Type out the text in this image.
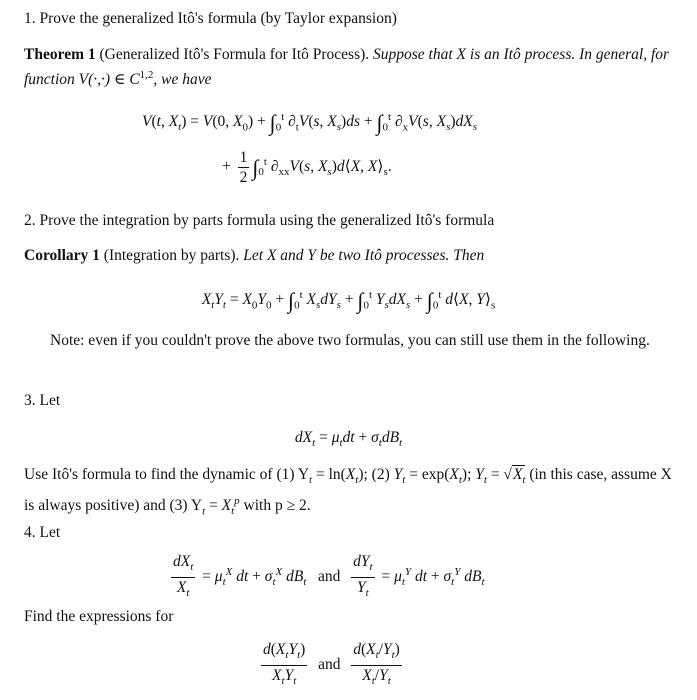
1. Prove the generalized Itô's formula (by Taylor expansion)

Theorem 1 (Generalized Itô's Formula for Itô Process). Suppose that X is an Itô process. In general, for function V(·,·) ∈ C$^{1,2}$, we have

V(t, $X_t) = V(0$, $X_0) + \int_0^t$ $\partial_tV(s$, $X_s)ds + \int_0^t$ $\partial_xV(s$, $X_s)dX_s$
+ $\frac{1}{2} \int_0^t$ $\partial_{xx}V(s$, $X_s)d⟨X$, $X⟩_s$.

2. Prove the integration by parts formula using the generalized Itô's formula

Corollary 1 (Integration by parts). Let X and Y be two Itô processes. Then

$X_tY_t = X_0Y_0 + \int_0^t$ $X_sdY_s + \int_0^t$ $Y_sdX_s + \int_0^t$ d⟨X, $Y⟩_s$

Note: even if you couldn't prove the above two formulas, you can still use them in the following.

3. Let

$dX_t = \mu_tdt + \sigma_tdB_t$

Use Itô's formula to find the dynamic of (1) $Y_t = \ln(X_t)$; (2) $Y_t = \exp(X_t)$; $Y_t = √X_t$ (in this case, assume X is always positive) and (3) $Y_t = X_t^p$ with p ≥ 2.

4. Let

$\frac{dX_t}{X_t} = \mu_t^X$ dt + $\sigma_t^X$ $dB_t$ and $\frac{dY_t}{Y_t} = \mu_t^Y$ dt + $\sigma_t^Y$ $dB_t$

Find the expressions for

$\frac{d(X_tY_t)}{X_tY_t}$ and $\frac{d(X_t/Y_t)}{X_t/Y_t}$
